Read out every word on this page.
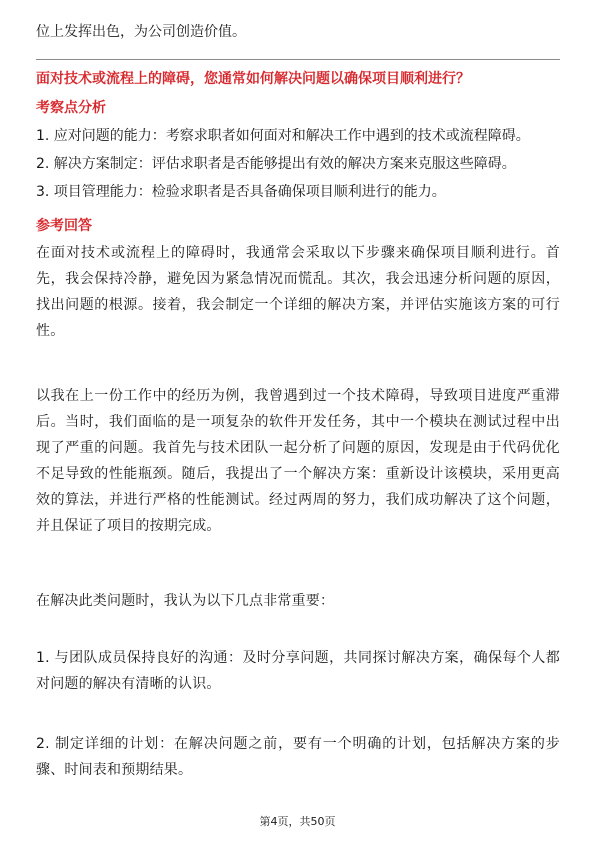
位上发挥出色，为公司创造价值。

面对技术或流程上的障碍，您通常如何解决问题以确保项目顺利进行？

考察点分析

1. 应对问题的能力：考察求职者如何面对和解决工作中遇到的技术或流程障碍。

2. 解决方案制定：评估求职者是否能够提出有效的解决方案来克服这些障碍。

3. 项目管理能力：检验求职者是否具备确保项目顺利进行的能力。

参考回答

在面对技术或流程上的障碍时，我通常会采取以下步骤来确保项目顺利进行。首先，我会保持冷静，避免因为紧急情况而慌乱。其次，我会迅速分析问题的原因，找出问题的根源。接着，我会制定一个详细的解决方案，并评估实施该方案的可行性。

以我在上一份工作中的经历为例，我曾遇到过一个技术障碍，导致项目进度严重滞后。当时，我们面临的是一项复杂的软件开发任务，其中一个模块在测试过程中出现了严重的问题。我首先与技术团队一起分析了问题的原因，发现是由于代码优化不足导致的性能瓶颈。随后，我提出了一个解决方案：重新设计该模块，采用更高效的算法，并进行严格的性能测试。经过两周的努力，我们成功解决了这个问题，并且保证了项目的按期完成。

在解决此类问题时，我认为以下几点非常重要：

1. 与团队成员保持良好的沟通：及时分享问题，共同探讨解决方案，确保每个人都对问题的解决有清晰的认识。

2. 制定详细的计划：在解决问题之前，要有一个明确的计划，包括解决方案的步骤、时间表和预期结果。

第4页，共50页
